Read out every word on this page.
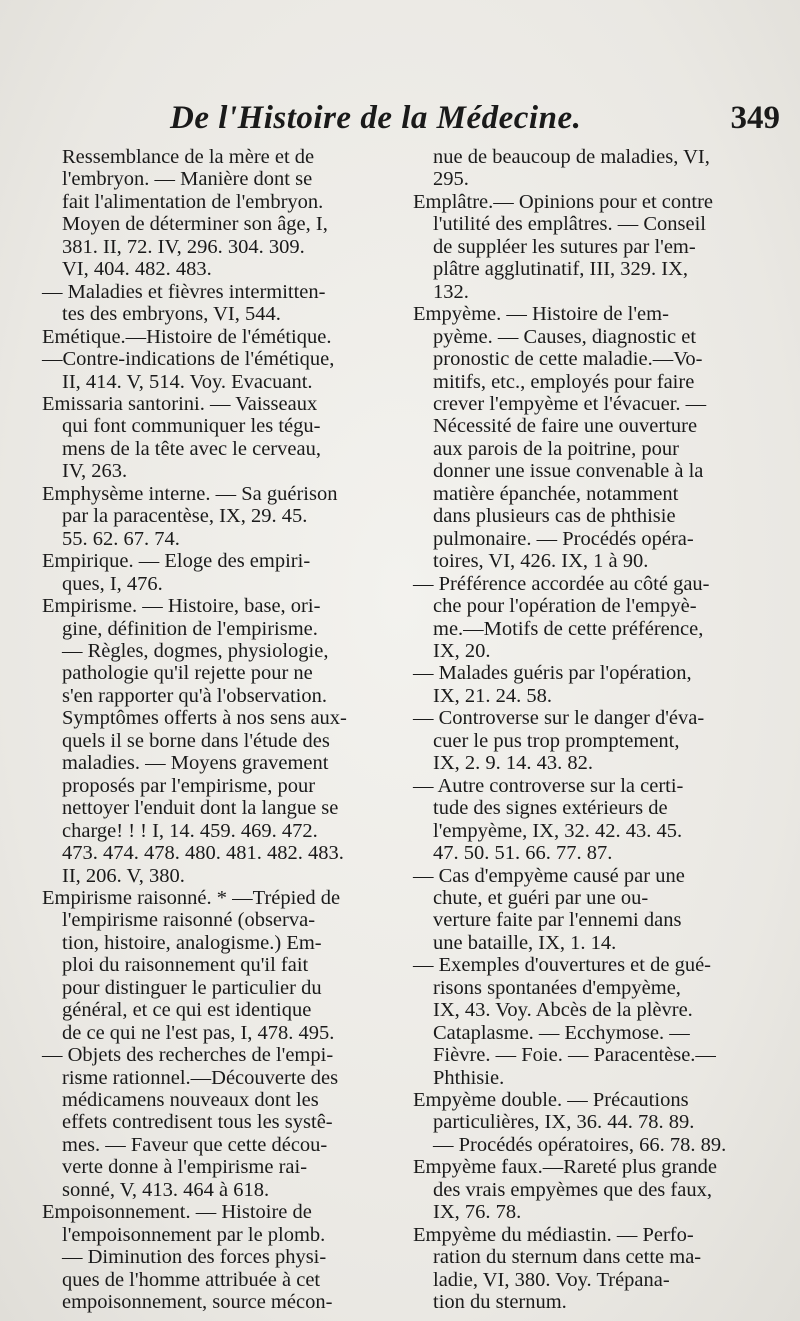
De l'Histoire de la Médecine.	349
Ressemblance de la mère et de
l'embryon. — Manière dont se
fait l'alimentation de l'embryon.
Moyen de déterminer son âge, I,
381. II, 72. IV, 296. 304. 309.
VI, 404. 482. 483.
— Maladies et fièvres intermitten-
tes des embryons, VI, 544.
Emétique.—Histoire de l'émétique.
—Contre-indications de l'émétique,
II, 414. V, 514. Voy. Evacuant.
Emissaria santorini. — Vaisseaux
qui font communiquer les tégu-
mens de la tête avec le cerveau,
IV, 263.
Emphysème interne. — Sa guérison
par la paracentèse, IX, 29. 45.
55. 62. 67. 74.
Empirique. — Eloge des empiri-
ques, I, 476.
Empirisme. — Histoire, base, ori-
gine, définition de l'empirisme.
— Règles, dogmes, physiologie,
pathologie qu'il rejette pour ne
s'en rapporter qu'à l'observation.
Symptômes offerts à nos sens aux-
quels il se borne dans l'étude des
maladies. — Moyens gravement
proposés par l'empirisme, pour
nettoyer l'enduit dont la langue se
charge! ! ! I, 14. 459. 469. 472.
473. 474. 478. 480. 481. 482. 483.
II, 206. V, 380.
Empirisme raisonné. * —Trépied de
l'empirisme raisonné (observa-
tion, histoire, analogisme.) Em-
ploi du raisonnement qu'il fait
pour distinguer le particulier du
général, et ce qui est identique
de ce qui ne l'est pas, I, 478. 495.
— Objets des recherches de l'empi-
risme rationnel.—Découverte des
médicamens nouveaux dont les
effets contredisent tous les systê-
mes. — Faveur que cette décou-
verte donne à l'empirisme rai-
sonné, V, 413. 464 à 618.
Empoisonnement. — Histoire de
l'empoisonnement par le plomb.
— Diminution des forces physi-
ques de l'homme attribuée à cet
empoisonnement, source mécon-
nue de beaucoup de maladies, VI,
295.
Emplâtre.— Opinions pour et contre
l'utilité des emplâtres. — Conseil
de suppléer les sutures par l'em-
plâtre agglutinatif, III, 329. IX,
132.
Empyème. — Histoire de l'em-
pyème. — Causes, diagnostic et
pronostic de cette maladie.—Vo-
mitifs, etc., employés pour faire
crever l'empyème et l'évacuer. —
Nécessité de faire une ouverture
aux parois de la poitrine, pour
donner une issue convenable à la
matière épanchée, notamment
dans plusieurs cas de phthisie
pulmonaire. — Procédés opéra-
toires, VI, 426. IX, 1 à 90.
— Préférence accordée au côté gau-
che pour l'opération de l'empyè-
me.—Motifs de cette préférence,
IX, 20.
— Malades guéris par l'opération,
IX, 21. 24. 58.
— Controverse sur le danger d'éva-
cuer le pus trop promptement,
IX, 2. 9. 14. 43. 82.
— Autre controverse sur la certi-
tude des signes extérieurs de
l'empyème, IX, 32. 42. 43. 45.
47. 50. 51. 66. 77. 87.
— Cas d'empyème causé par une
chute, et guéri par une ou-
verture faite par l'ennemi dans
une bataille, IX, 1. 14.
— Exemples d'ouvertures et de gué-
risons spontanées d'empyème,
IX, 43. Voy. Abcès de la plèvre.
Cataplasme. — Ecchymose. —
Fièvre. — Foie. — Paracentèse.—
Phthisie.
Empyème double. — Précautions
particulières, IX, 36. 44. 78. 89.
— Procédés opératoires, 66. 78. 89.
Empyème faux.—Rareté plus grande
des vrais empyèmes que des faux,
IX, 76. 78.
Empyème du médiastin. — Perfo-
ration du sternum dans cette ma-
ladie, VI, 380. Voy. Trépana-
tion du sternum.
